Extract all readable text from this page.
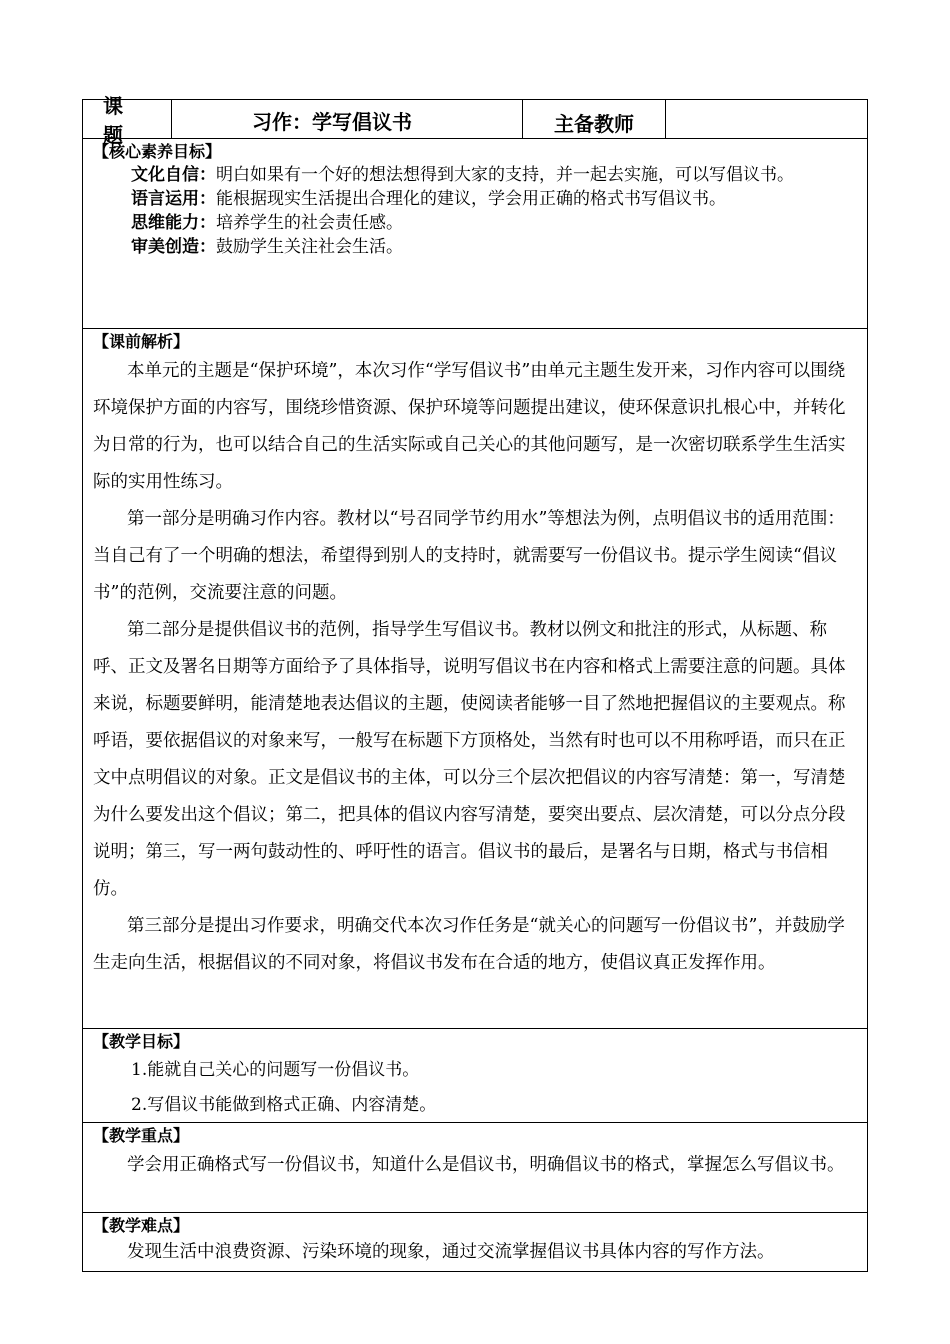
课题
习作：学写倡议书	主备教师
【核心素养目标】

文化自信：明白如果有一个好的想法想得到大家的支持，并一起去实施，可以写倡议书。

语言运用：能根据现实生活提出合理化的建议，学会用正确的格式书写倡议书。

思维能力：培养学生的社会责任感。

审美创造：鼓励学生关注社会生活。

【课前解析】

本单元的主题是“保护环境”，本次习作“学写倡议书”由单元主题生发开来，习作内容可以围绕环境保护方面的内容写，围绕珍惜资源、保护环境等问题提出建议，使环保意识扎根心中，并转化为日常的行为，也可以结合自己的生活实际或自己关心的其他问题写，是一次密切联系学生生活实际的实用性练习。

第一部分是明确习作内容。教材以“号召同学节约用水”等想法为例，点明倡议书的适用范围：当自己有了一个明确的想法，希望得到别人的支持时，就需要写一份倡议书。提示学生阅读“倡议书”的范例，交流要注意的问题。

第二部分是提供倡议书的范例，指导学生写倡议书。教材以例文和批注的形式，从标题、称呼、正文及署名日期等方面给予了具体指导，说明写倡议书在内容和格式上需要注意的问题。具体来说，标题要鲜明，能清楚地表达倡议的主题，使阅读者能够一目了然地把握倡议的主要观点。称呼语，要依据倡议的对象来写，一般写在标题下方顶格处，当然有时也可以不用称呼语，而只在正文中点明倡议的对象。正文是倡议书的主体，可以分三个层次把倡议的内容写清楚：第一，写清楚为什么要发出这个倡议；第二，把具体的倡议内容写清楚，要突出要点、层次清楚，可以分点分段说明；第三，写一两句鼓动性的、呼吁性的语言。倡议书的最后，是署名与日期，格式与书信相仿。

第三部分是提出习作要求，明确交代本次习作任务是“就关心的问题写一份倡议书”，并鼓励学生走向生活，根据倡议的不同对象，将倡议书发布在合适的地方，使倡议真正发挥作用。

【教学目标】

1.能就自己关心的问题写一份倡议书。

2.写倡议书能做到格式正确、内容清楚。

【教学重点】

学会用正确格式写一份倡议书，知道什么是倡议书，明确倡议书的格式，掌握怎么写倡议书。

【教学难点】

发现生活中浪费资源、污染环境的现象，通过交流掌握倡议书具体内容的写作方法。
